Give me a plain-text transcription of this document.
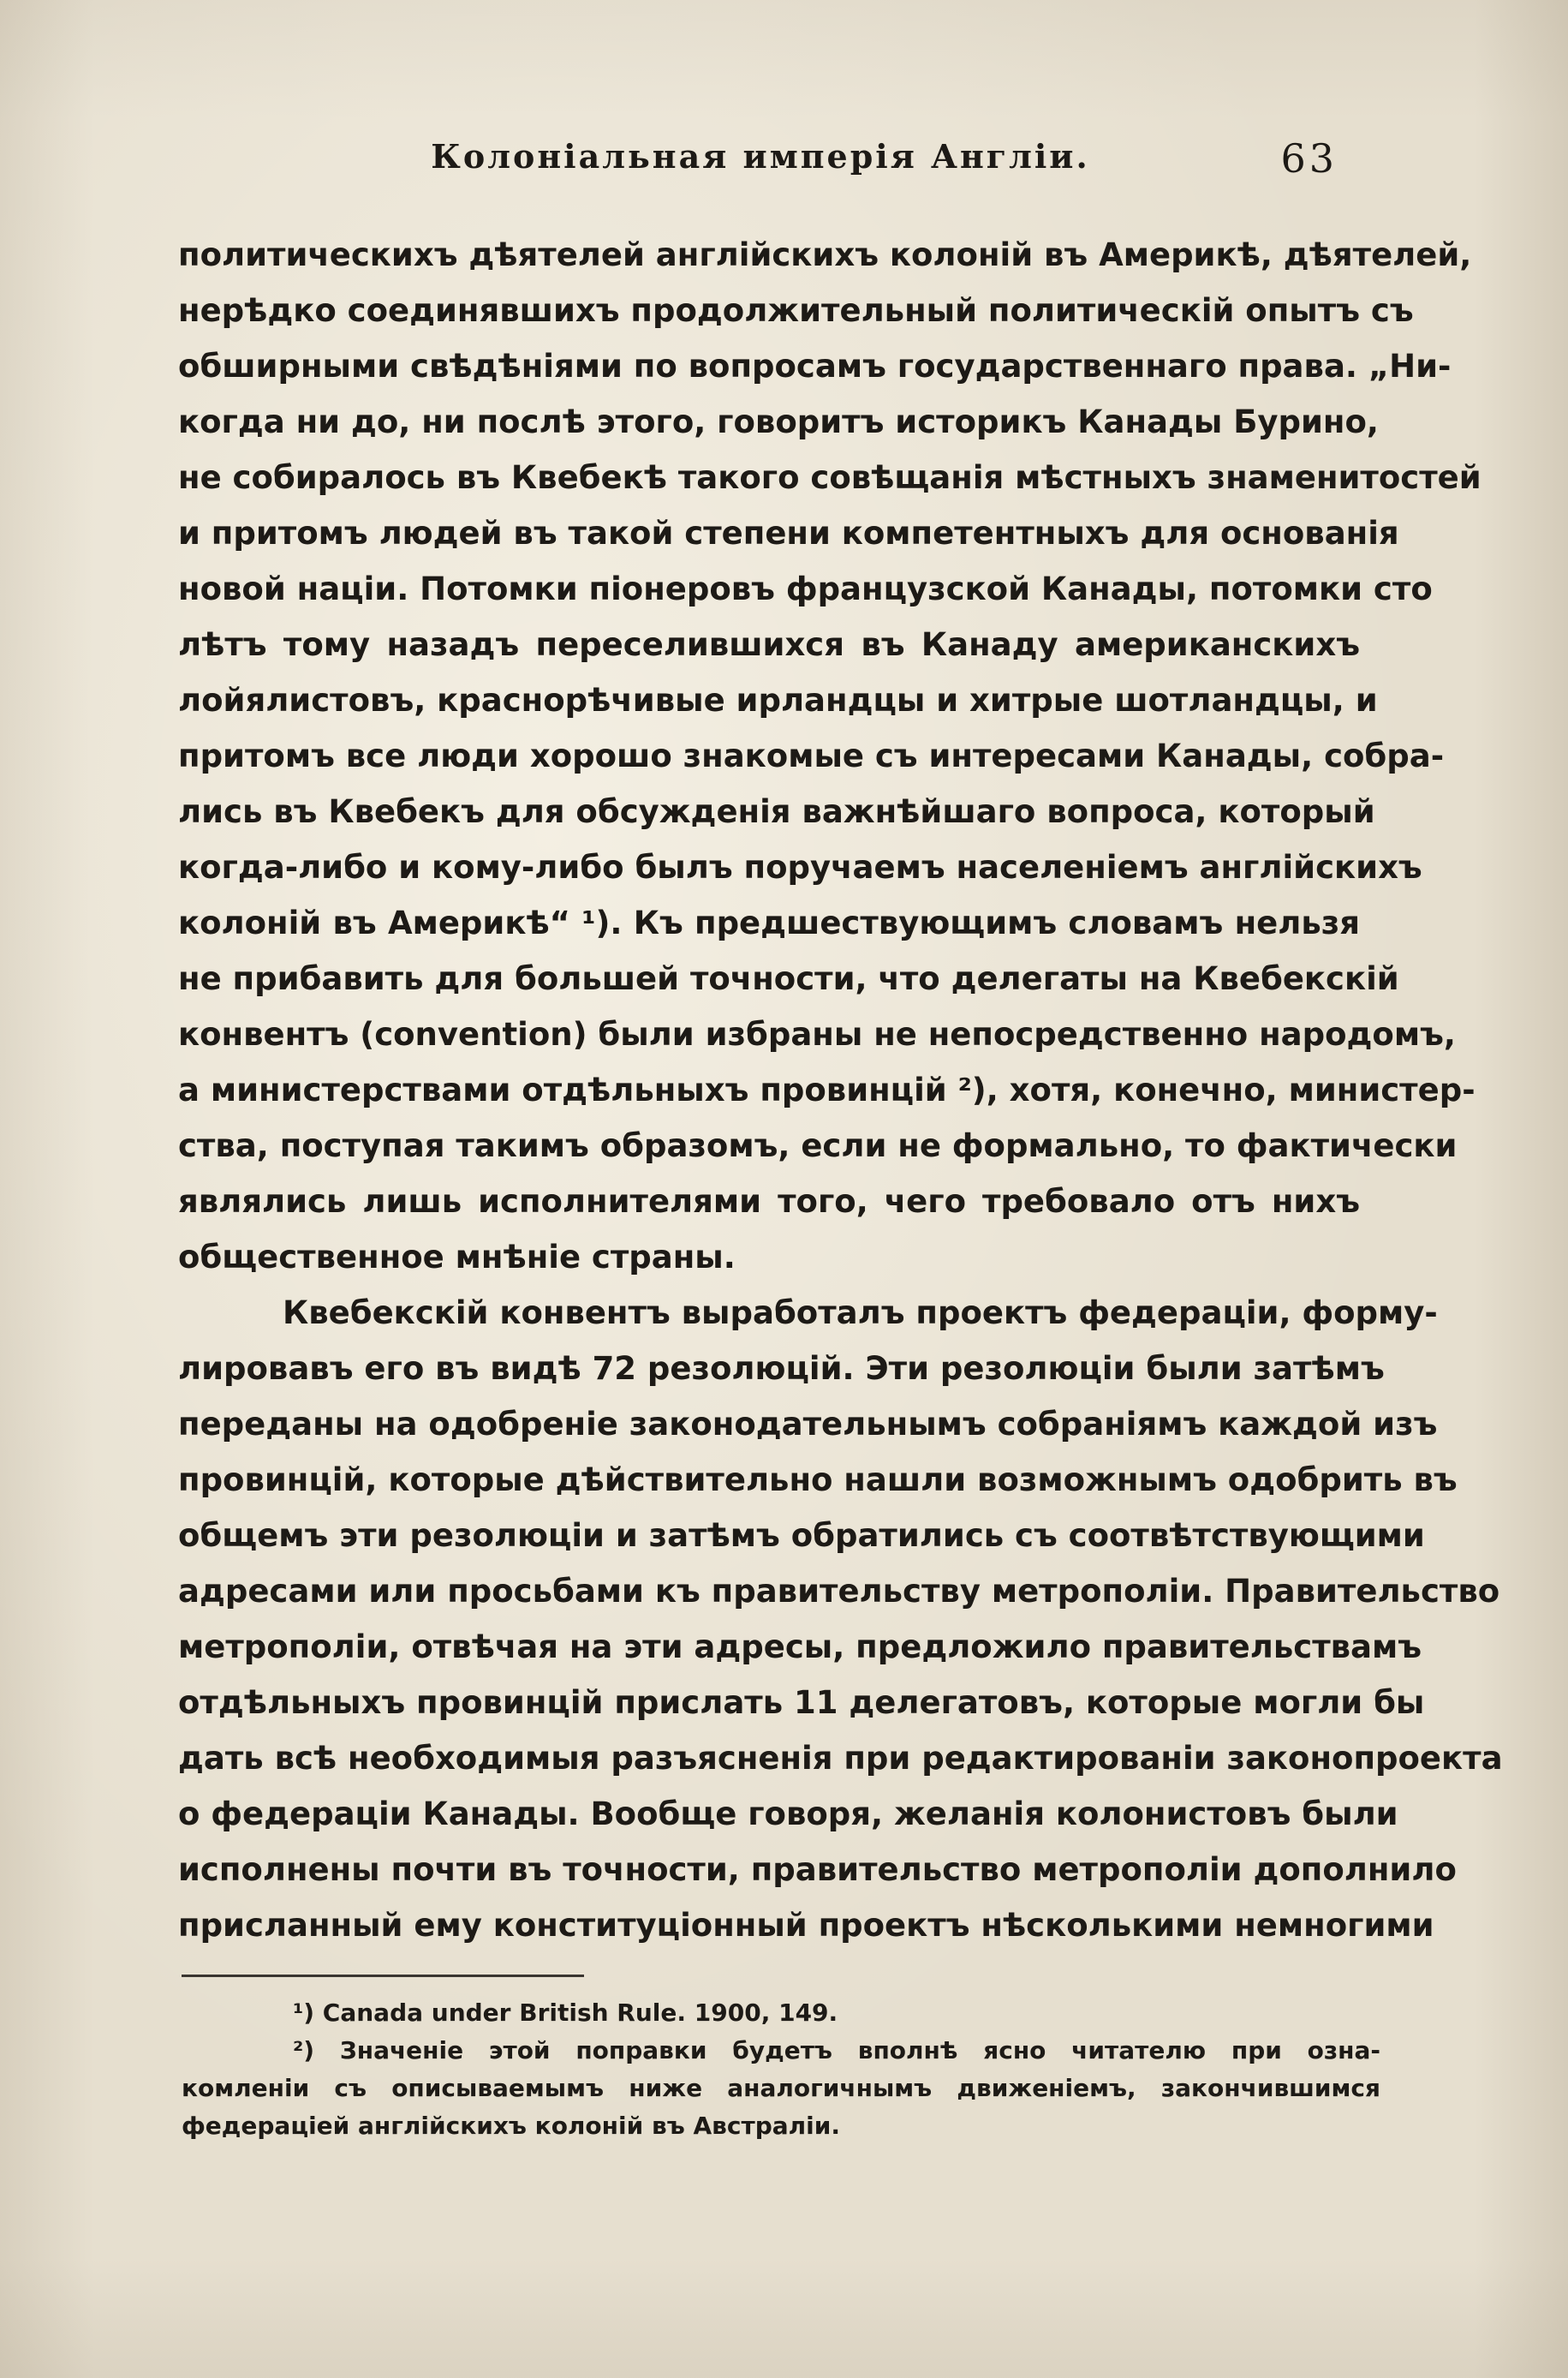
Колоніальная имперія Англіи.	63
политическихъ дѣятелей англійскихъ колоній въ Америкѣ, дѣятелей,
нерѣдко соединявшихъ продолжительный политическій опытъ съ
обширными свѣдѣніями по вопросамъ государственнаго права. „Ни-
когда ни до, ни послѣ этого, говоритъ историкъ Канады Бурино,
не собиралось въ Квебекѣ такого совѣщанія мѣстныхъ знаменитостей
и притомъ людей въ такой степени компетентныхъ для основанія
новой націи. Потомки піонеровъ французской Канады, потомки сто
лѣтъ тому назадъ переселившихся въ Канаду американскихъ
лойялистовъ, краснорѣчивые ирландцы и хитрые шотландцы, и
притомъ все люди хорошо знакомые съ интересами Канады, собра-
лись въ Квебекъ для обсужденія важнѣйшаго вопроса, который
когда-либо и кому-либо былъ поручаемъ населеніемъ англійскихъ
колоній въ Америкѣ“ ¹). Къ предшествующимъ словамъ нельзя
не прибавить для большей точности, что делегаты на Квебекскій
конвентъ (convention) были избраны не непосредственно народомъ,
а министерствами отдѣльныхъ провинцій ²), хотя, конечно, министер-
ства, поступая такимъ образомъ, если не формально, то фактически
являлись лишь исполнителями того, чего требовало отъ нихъ
общественное мнѣніе страны.
Квебекскій конвентъ выработалъ проектъ федераціи, форму-
лировавъ его въ видѣ 72 резолюцій. Эти резолюціи были затѣмъ
переданы на одобреніе законодательнымъ собраніямъ каждой изъ
провинцій, которые дѣйствительно нашли возможнымъ одобрить въ
общемъ эти резолюціи и затѣмъ обратились съ соотвѣтствующими
адресами или просьбами къ правительству метрополіи. Правительство
метрополіи, отвѣчая на эти адресы, предложило правительствамъ
отдѣльныхъ провинцій прислать 11 делегатовъ, которые могли бы
дать всѣ необходимыя разъясненія при редактированіи законопроекта
о федераціи Канады. Вообще говоря, желанія колонистовъ были
исполнены почти въ точности, правительство метрополіи дополнило
присланный ему конституціонный проектъ нѣсколькими немногими
¹) Canada under British Rule. 1900, 149.
²) Значеніе этой поправки будетъ вполнѣ ясно читателю при озна-
комленіи съ описываемымъ ниже аналогичнымъ движеніемъ, закончившимся
федераціей англійскихъ колоній въ Австраліи.
